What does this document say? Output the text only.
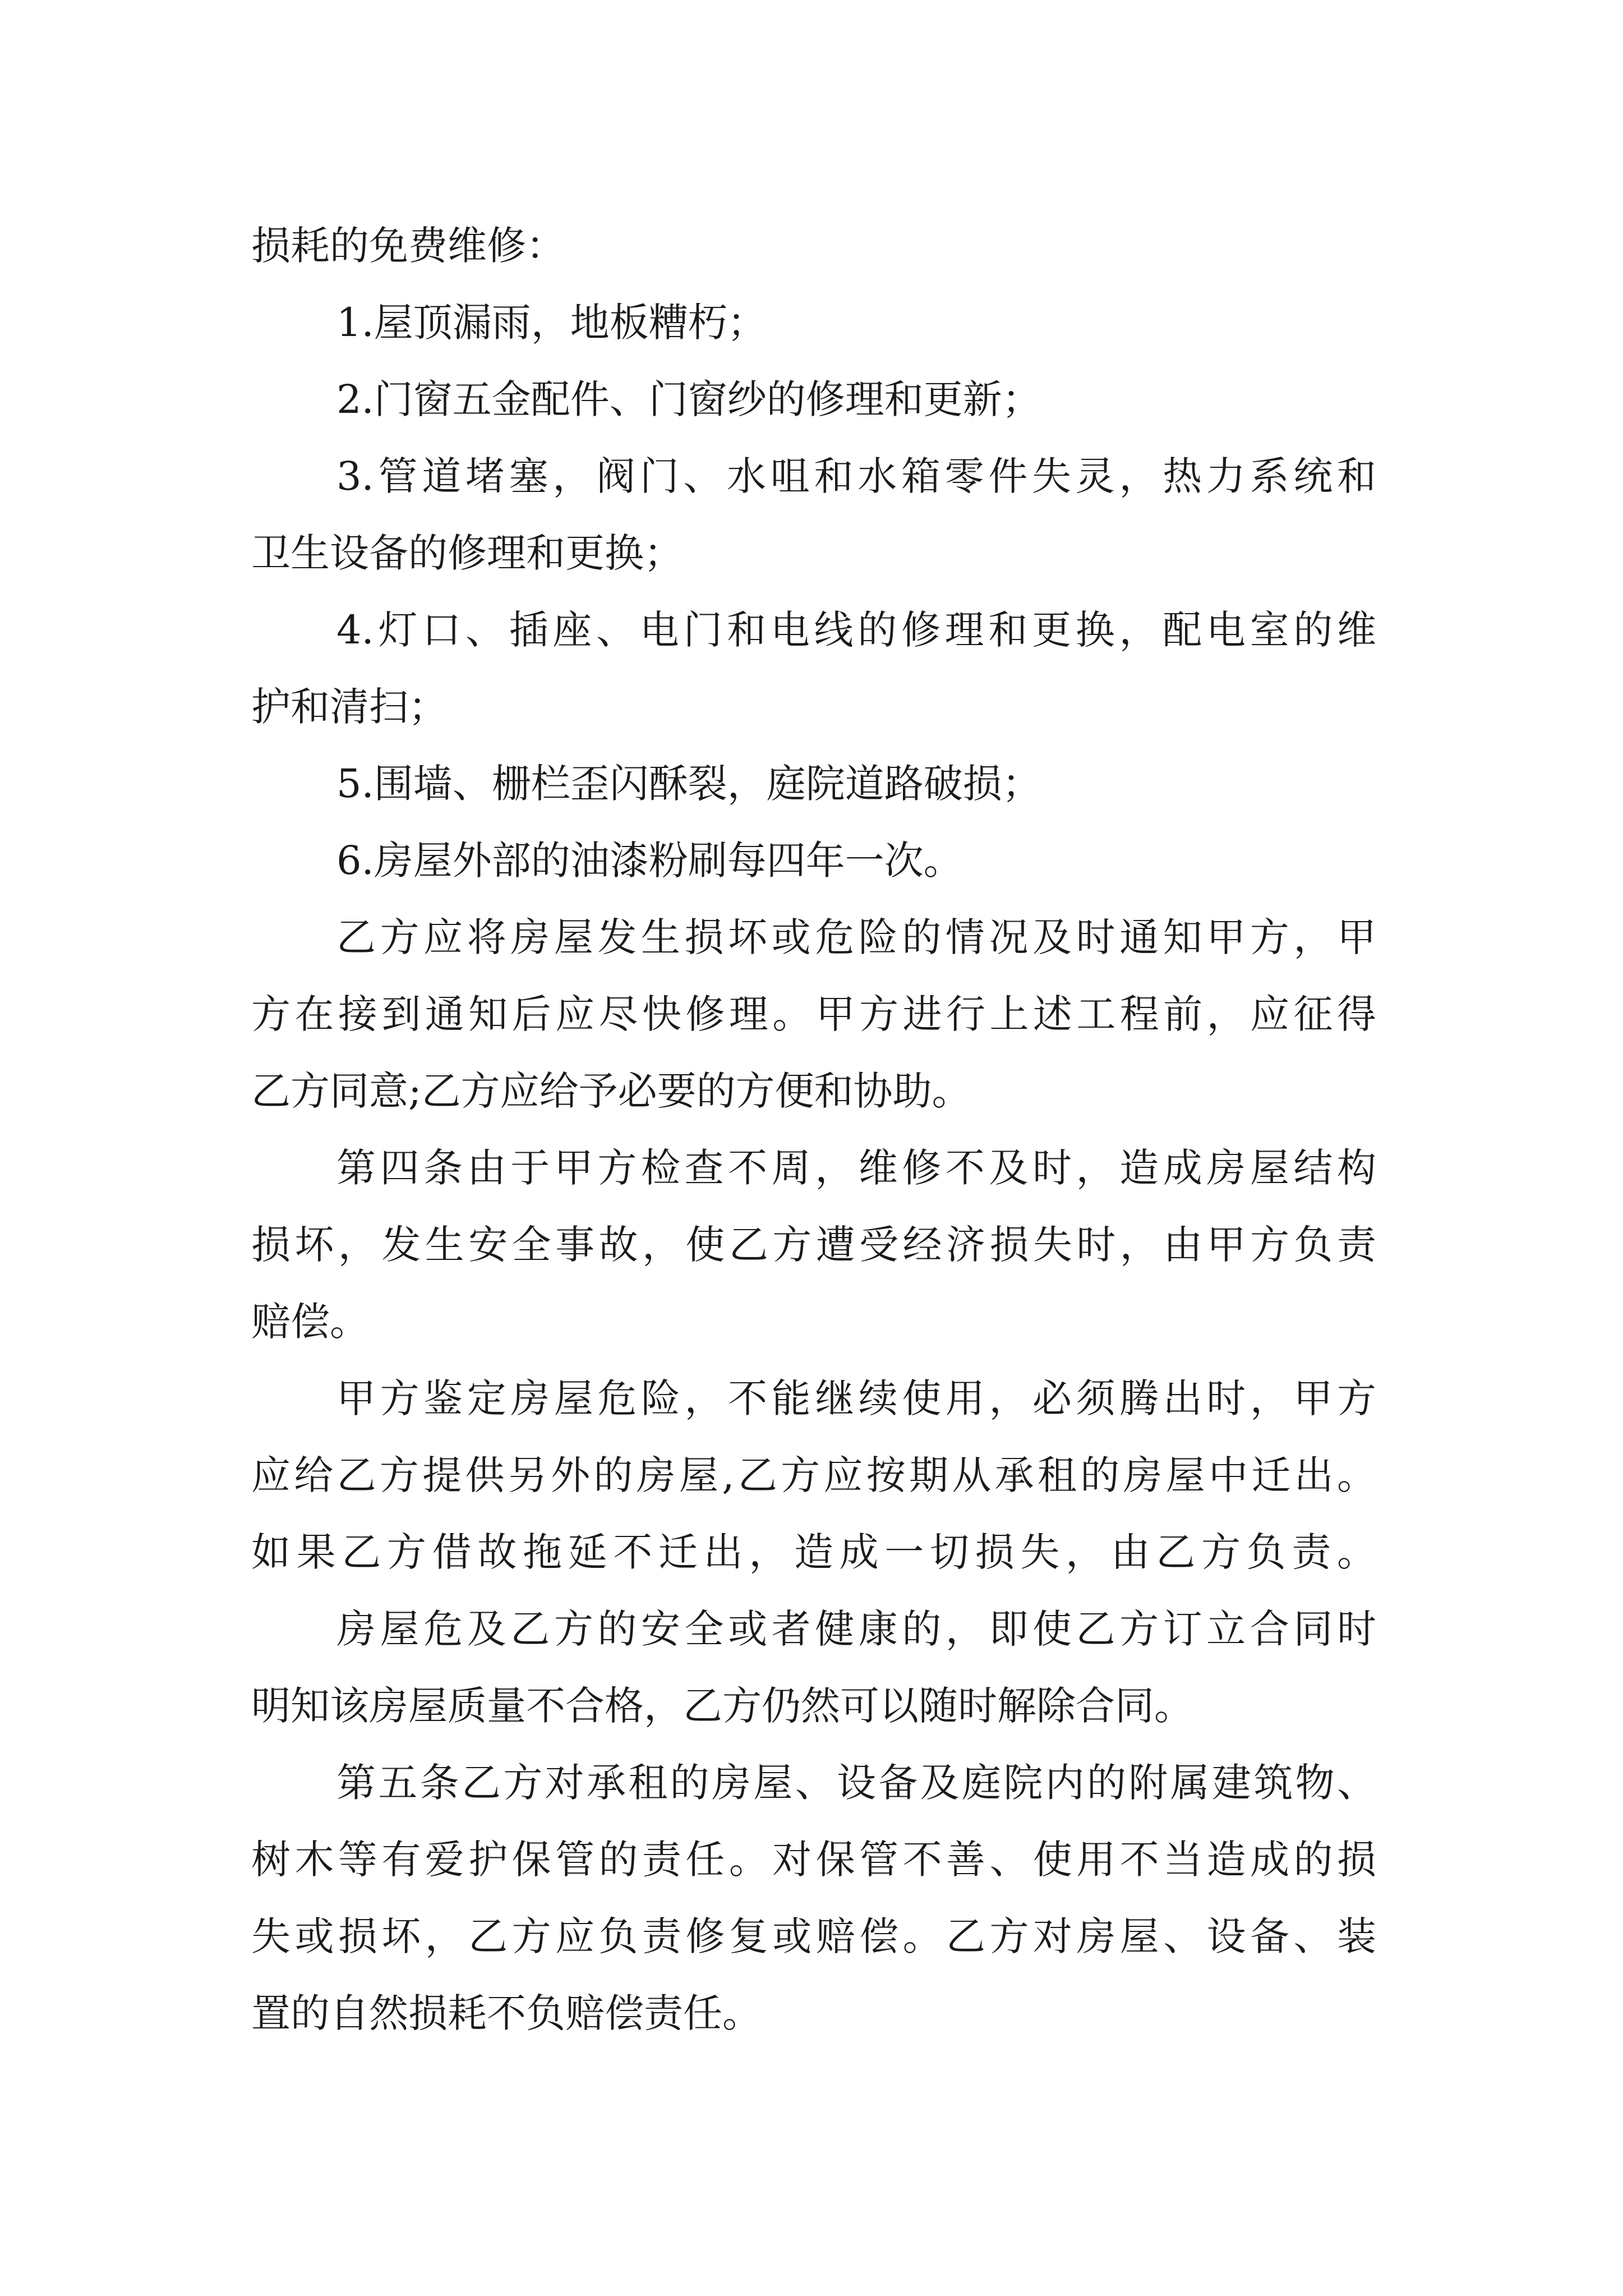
损耗的免费维修：
1.屋顶漏雨，地板糟朽；
2.门窗五金配件、门窗纱的修理和更新；
3.管道堵塞，阀门、水咀和水箱零件失灵，热力系统和
卫生设备的修理和更换；
4.灯口、插座、电门和电线的修理和更换，配电室的维
护和清扫；
5.围墙、栅栏歪闪酥裂，庭院道路破损；
6.房屋外部的油漆粉刷每四年一次。
乙方应将房屋发生损坏或危险的情况及时通知甲方，甲
方在接到通知后应尽快修理。甲方进行上述工程前，应征得
乙方同意;乙方应给予必要的方便和协助。
第四条由于甲方检查不周，维修不及时，造成房屋结构
损坏，发生安全事故，使乙方遭受经济损失时，由甲方负责
赔偿。
甲方鉴定房屋危险，不能继续使用，必须腾出时，甲方
应给乙方提供另外的房屋,乙方应按期从承租的房屋中迁出。
如果乙方借故拖延不迁出，造成一切损失，由乙方负责。
房屋危及乙方的安全或者健康的，即使乙方订立合同时
明知该房屋质量不合格，乙方仍然可以随时解除合同。
第五条乙方对承租的房屋、设备及庭院内的附属建筑物、
树木等有爱护保管的责任。对保管不善、使用不当造成的损
失或损坏，乙方应负责修复或赔偿。乙方对房屋、设备、装
置的自然损耗不负赔偿责任。
